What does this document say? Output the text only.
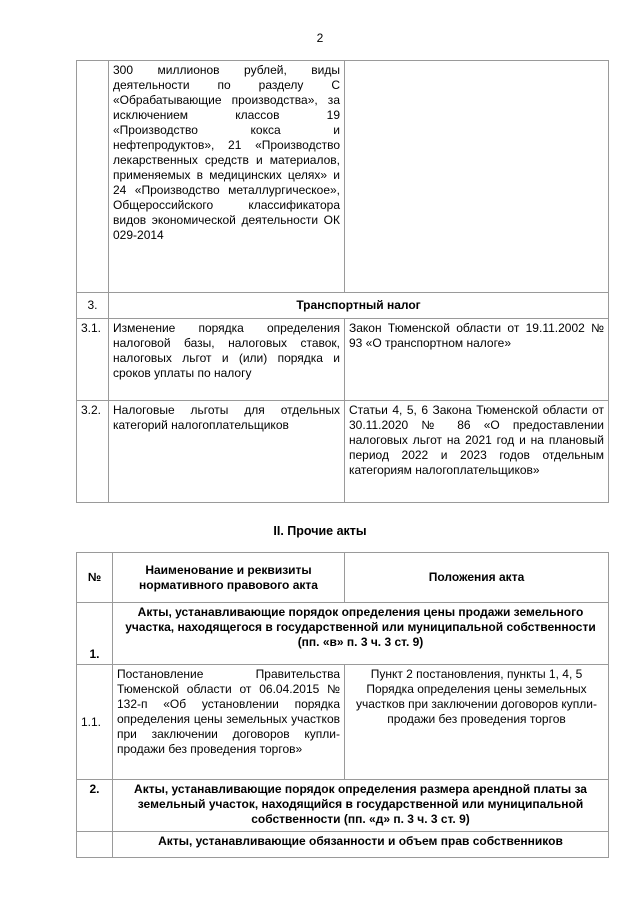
2
	300 миллионов рублей, виды деятельности по разделу С «Обрабатывающие производства», за исключением классов 19 «Производство кокса и нефтепродуктов», 21 «Производство лекарственных средств и материалов, применяемых в медицинских целях» и 24 «Производство металлургическое», Общероссийского классификатора видов экономической деятельности ОК 029-2014	
3.	Транспортный налог	
3.1.	Изменение порядка определения налоговой базы, налоговых ставок, налоговых льгот и (или) порядка и сроков уплаты по налогу	Закон Тюменской области от 19.11.2002 № 93 «О транспортном налоге»
3.2.	Налоговые льготы для отдельных категорий налогоплательщиков	Статьи 4, 5, 6 Закона Тюменской области от 30.11.2020 № 86 «О предоставлении налоговых льгот на 2021 год и на плановый период 2022 и 2023 годов отдельным категориям налогоплательщиков»
II. Прочие акты
№	Наименование и реквизиты нормативного правового акта	Положения акта
1.	Акты, устанавливающие порядок определения цены продажи земельного участка, находящегося в государственной или муниципальной собственности (пп. «в» п. 3 ч. 3 ст. 9)	
1.1.	Постановление Правительства Тюменской области от 06.04.2015 № 132-п «Об установлении порядка определения цены земельных участков при заключении договоров купли-продажи без проведения торгов»	Пункт 2 постановления, пункты 1, 4, 5 Порядка определения цены земельных участков при заключении договоров купли-продажи без проведения торгов
2.	Акты, устанавливающие порядок определения размера арендной платы за земельный участок, находящийся в государственной или муниципальной собственности (пп. «д» п. 3 ч. 3 ст. 9)	
	Акты, устанавливающие обязанности и объем прав собственников	
